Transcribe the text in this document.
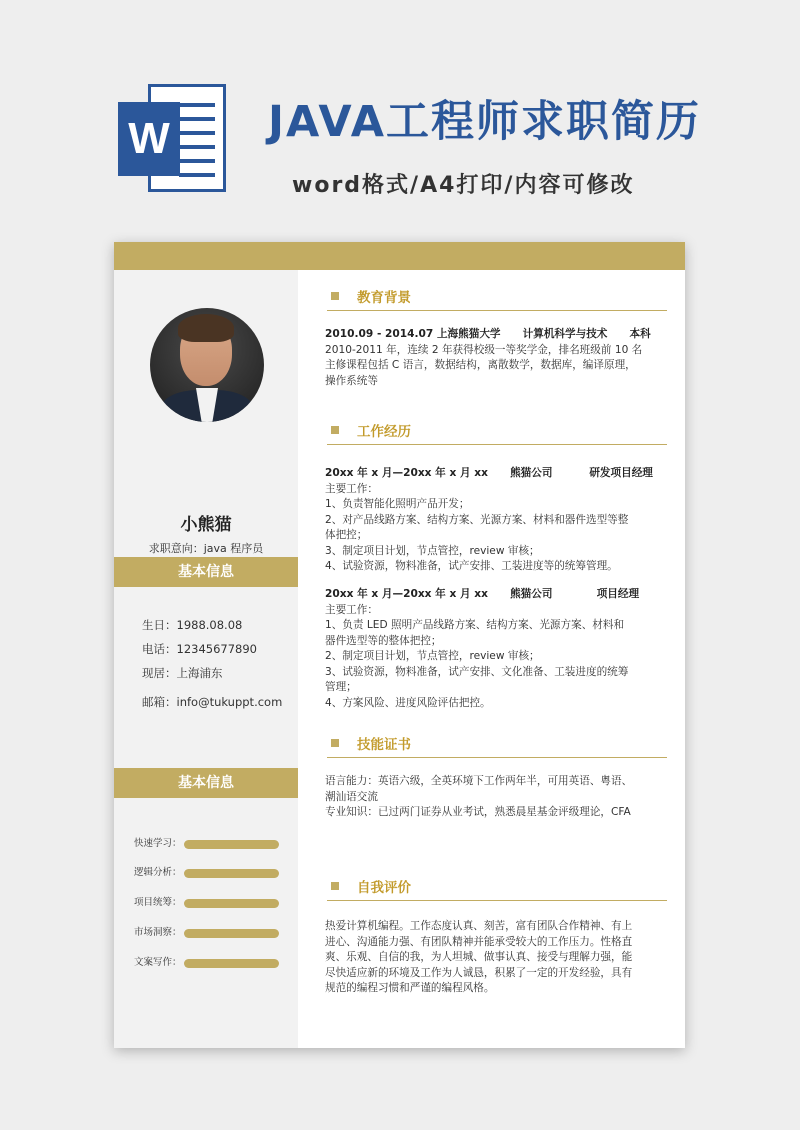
W JAVA工程师求职简历
word格式/A4打印/内容可修改
小熊猫
求职意向：java 程序员
基本信息
生日：1988.08.08
电话：12345677890
现居：上海浦东
邮箱：info@tukuppt.com
基本信息
快速学习：
逻辑分析：
项目统筹：
市场洞察：
文案写作：
教育背景
2010.09 - 2014.07 上海熊猫大学      计算机科学与技术      本科

2010-2011 年，连续 2 年获得校级一等奖学金，排名班级前 10 名

主修课程包括 C 语言，数据结构，离散数学，数据库，编译原理，

操作系统等

工作经历
20xx 年 x 月—20xx 年 x 月 xx      熊猫公司          研发项目经理

主要工作：

1、负责智能化照明产品开发；

2、对产品线路方案、结构方案、光源方案、材料和器件选型等整

体把控；

3、制定项目计划，节点管控，review 审核；

4、试验资源，物料准备，试产安排、工装进度等的统筹管理。

20xx 年 x 月—20xx 年 x 月 xx      熊猫公司            项目经理

主要工作：

1、负责 LED 照明产品线路方案、结构方案、光源方案、材料和

器件选型等的整体把控；

2、制定项目计划，节点管控，review 审核；

3、试验资源，物料准备，试产安排、文化准备、工装进度的统筹

管理；

4、方案风险、进度风险评估把控。

技能证书

语言能力：英语六级，全英环境下工作两年半，可用英语、粤语、

潮汕语交流

专业知识：已过两门证券从业考试，熟悉晨星基金评级理论，CFA

自我评价

热爱计算机编程。工作态度认真、刻苦，富有团队合作精神、有上

进心、沟通能力强、有团队精神并能承受较大的工作压力。性格直

爽、乐观、自信的我，为人坦城、做事认真、接受与理解力强，能

尽快适应新的环境及工作为人诚恳，积累了一定的开发经验，具有

规范的编程习惯和严谨的编程风格。
